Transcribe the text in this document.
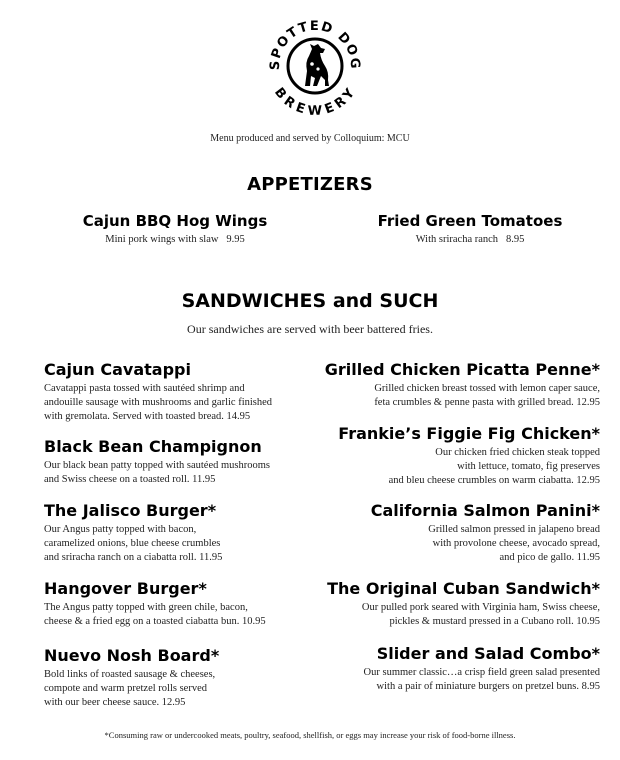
SPOTTED DOG
BREWERY
Menu produced and served by Colloquium: MCU
APPETIZERS
Cajun BBQ Hog Wings
Mini pork wings with slaw 9.95
Fried Green Tomatoes
With sriracha ranch 8.95
SANDWICHES and SUCH
Our sandwiches are served with beer battered fries.
Cajun Cavatappi
Cavatappi pasta tossed with sautéed shrimp and
andouille sausage with mushrooms and garlic finished
with gremolata. Served with toasted bread. 14.95
Black Bean Champignon
Our black bean patty topped with sautéed mushrooms
and Swiss cheese on a toasted roll. 11.95
The Jalisco Burger*
Our Angus patty topped with bacon,
caramelized onions, blue cheese crumbles
and sriracha ranch on a ciabatta roll. 11.95
Hangover Burger*
The Angus patty topped with green chile, bacon,
cheese & a fried egg on a toasted ciabatta bun. 10.95
Nuevo Nosh Board*
Bold links of roasted sausage & cheeses,
compote and warm pretzel rolls served
with our beer cheese sauce. 12.95
Grilled Chicken Picatta Penne*
Grilled chicken breast tossed with lemon caper sauce,
feta crumbles & penne pasta with grilled bread. 12.95
Frankie’s Figgie Fig Chicken*
Our chicken fried chicken steak topped
with lettuce, tomato, fig preserves
and bleu cheese crumbles on warm ciabatta. 12.95
California Salmon Panini*
Grilled salmon pressed in jalapeno bread
with provolone cheese, avocado spread,
and pico de gallo. 11.95
The Original Cuban Sandwich*
Our pulled pork seared with Virginia ham, Swiss cheese,
pickles & mustard pressed in a Cubano roll. 10.95
Slider and Salad Combo*
Our summer classic…a crisp field green salad presented
with a pair of miniature burgers on pretzel buns. 8.95
*Consuming raw or undercooked meats, poultry, seafood, shellfish, or eggs may increase your risk of food-borne illness.
